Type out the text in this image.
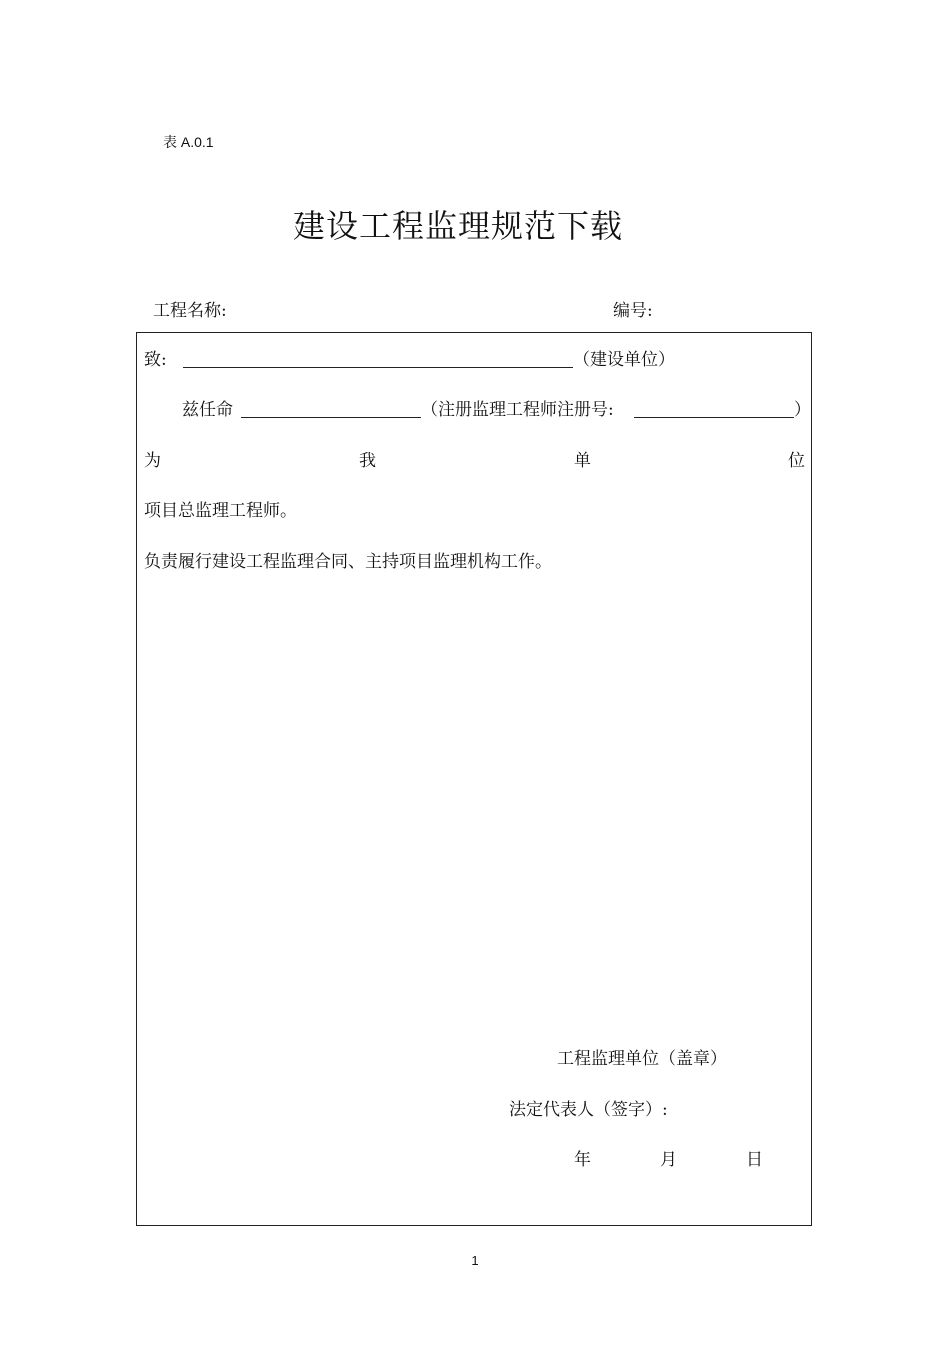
表 A.0.1
建设工程监理规范下载
工程名称:	编号:
致:	（建设单位）
兹任命	（注册监理工程师注册号:	）
为	我	单	位
项目总监理工程师。
负责履行建设工程监理合同、主持项目监理机构工作。
工程监理单位（盖章）
法定代表人（签字）:
年	月	日
1
